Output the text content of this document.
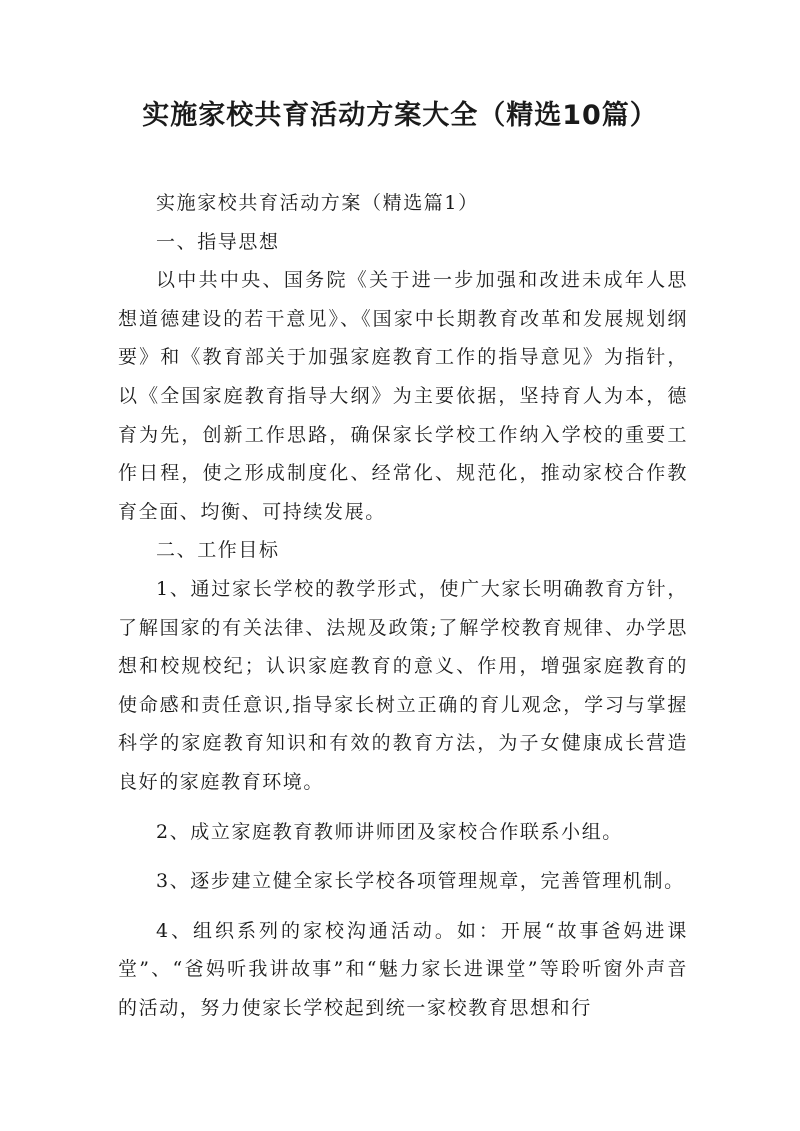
实施家校共育活动方案大全（精选10篇）

实施家校共育活动方案（精选篇1）

一、指导思想

以中共中央、国务院《关于进一步加强和改进未成年人思想道德建设的若干意见》、《国家中长期教育改革和发展规划纲要》和《教育部关于加强家庭教育工作的指导意见》为指针，以《全国家庭教育指导大纲》为主要依据，坚持育人为本，德育为先，创新工作思路，确保家长学校工作纳入学校的重要工作日程，使之形成制度化、经常化、规范化，推动家校合作教育全面、均衡、可持续发展。

二、工作目标

1、通过家长学校的教学形式，使广大家长明确教育方针，了解国家的有关法律、法规及政策;了解学校教育规律、办学思想和校规校纪；认识家庭教育的意义、作用，增强家庭教育的使命感和责任意识,指导家长树立正确的育儿观念，学习与掌握科学的家庭教育知识和有效的教育方法，为子女健康成长营造良好的家庭教育环境。

2、成立家庭教育教师讲师团及家校合作联系小组。

3、逐步建立健全家长学校各项管理规章，完善管理机制。

4、组织系列的家校沟通活动。如：开展“故事爸妈进课堂”、“爸妈听我讲故事”和“魅力家长进课堂”等聆听窗外声音的活动，努力使家长学校起到统一家校教育思想和行
